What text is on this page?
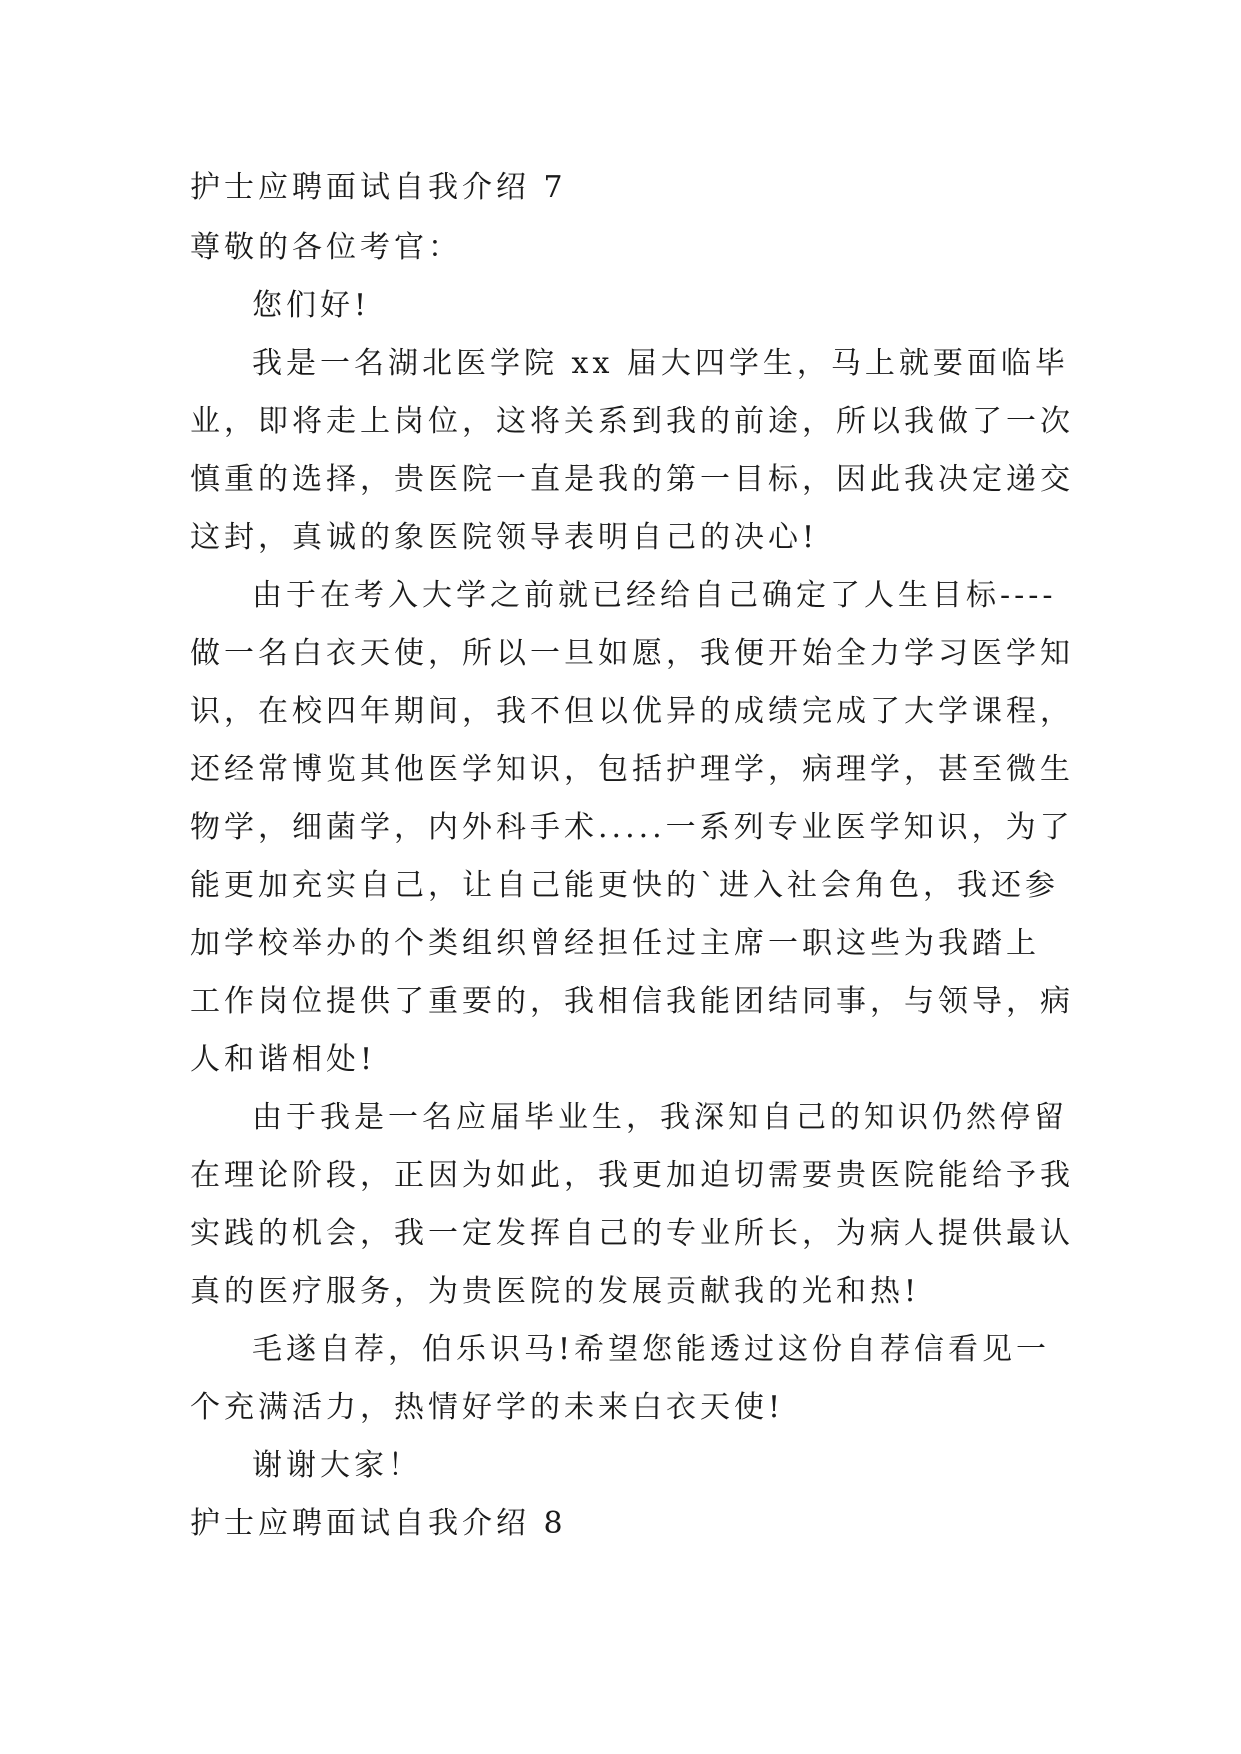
护士应聘面试自我介绍 7
尊敬的各位考官：
您们好!
我是一名湖北医学院 xx 届大四学生，马上就要面临毕
业，即将走上岗位，这将关系到我的前途，所以我做了一次
慎重的选择，贵医院一直是我的第一目标，因此我决定递交
这封，真诚的象医院领导表明自己的决心!
由于在考入大学之前就已经给自己确定了人生目标----
做一名白衣天使，所以一旦如愿，我便开始全力学习医学知
识，在校四年期间，我不但以优异的成绩完成了大学课程，
还经常博览其他医学知识，包括护理学，病理学，甚至微生
物学，细菌学，内外科手术.....一系列专业医学知识，为了
能更加充实自己，让自己能更快的`进入社会角色，我还参
加学校举办的个类组织曾经担任过主席一职这些为我踏上
工作岗位提供了重要的，我相信我能团结同事，与领导，病
人和谐相处!
由于我是一名应届毕业生，我深知自己的知识仍然停留
在理论阶段，正因为如此，我更加迫切需要贵医院能给予我
实践的机会，我一定发挥自己的专业所长，为病人提供最认
真的医疗服务，为贵医院的发展贡献我的光和热!
毛遂自荐，伯乐识马!希望您能透过这份自荐信看见一
个充满活力，热情好学的未来白衣天使!
谢谢大家！
护士应聘面试自我介绍 8
